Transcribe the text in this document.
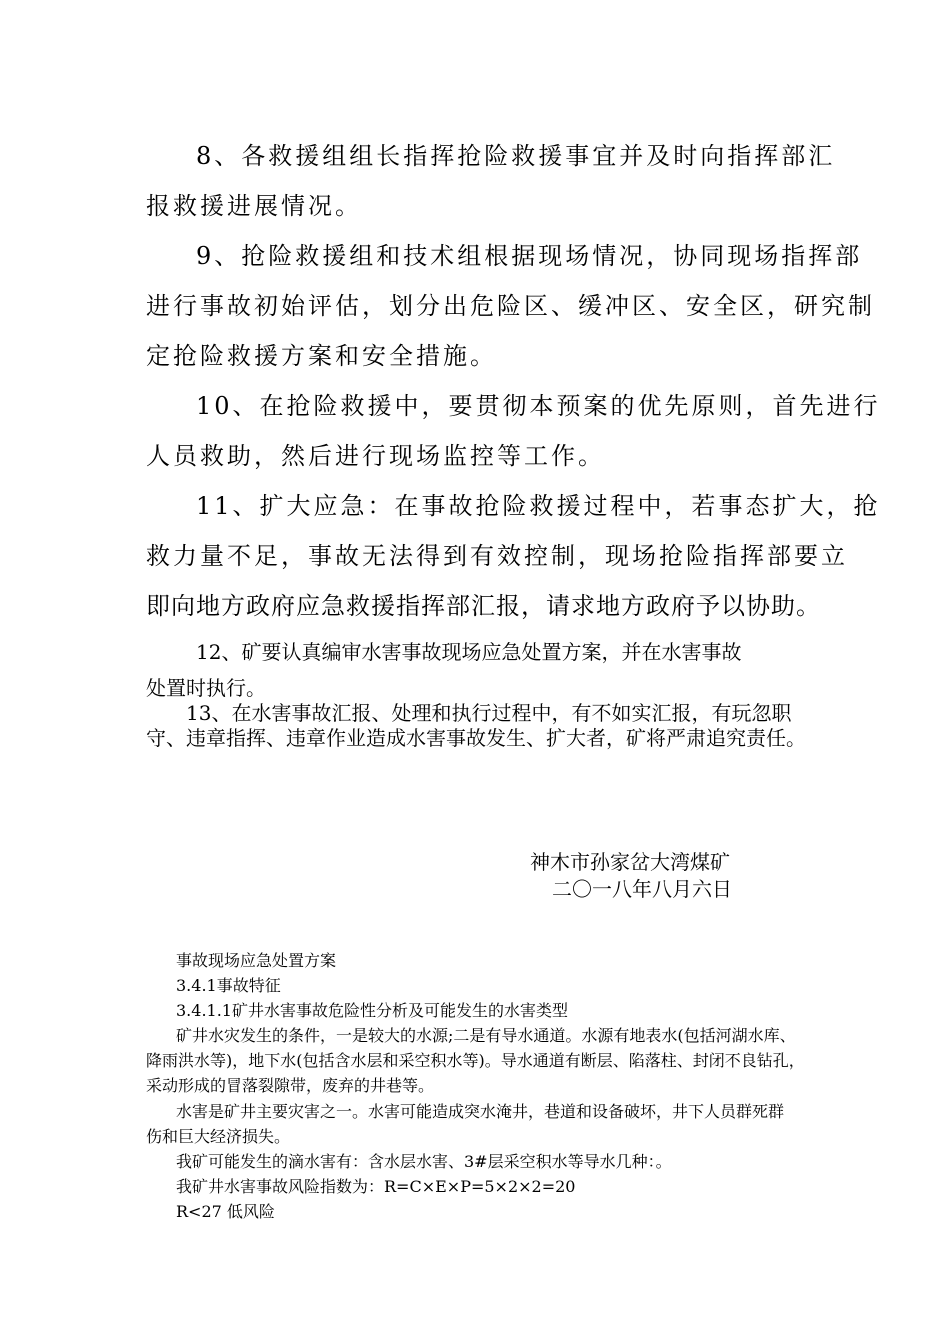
8、各救援组组长指挥抢险救援事宜并及时向指挥部汇

报救援进展情况。

9、抢险救援组和技术组根据现场情况，协同现场指挥部

进行事故初始评估，划分出危险区、缓冲区、安全区，研究制

定抢险救援方案和安全措施。

10、在抢险救援中，要贯彻本预案的优先原则，首先进行

人员救助，然后进行现场监控等工作。

11、扩大应急：在事故抢险救援过程中，若事态扩大，抢

救力量不足，事故无法得到有效控制，现场抢险指挥部要立

即向地方政府应急救援指挥部汇报，请求地方政府予以协助。

12、矿要认真编审水害事故现场应急处置方案，并在水害事故

处置时执行。

13、在水害事故汇报、处理和执行过程中，有不如实汇报，有玩忽职

守、违章指挥、违章作业造成水害事故发生、扩大者，矿将严肃追究责任。

神木市孙家岔大湾煤矿

二〇一八年八月六日

事故现场应急处置方案

3.4.1事故特征

3.4.1.1矿井水害事故危险性分析及可能发生的水害类型

矿井水灾发生的条件，一是较大的水源;二是有导水通道。水源有地表水(包括河湖水库、

降雨洪水等)，地下水(包括含水层和采空积水等)。导水通道有断层、陷落柱、封闭不良钻孔，

采动形成的冒落裂隙带，废弃的井巷等。

水害是矿井主要灾害之一。水害可能造成突水淹井，巷道和设备破坏，井下人员群死群

伤和巨大经济损失。

我矿可能发生的滴水害有：含水层水害、3#层采空积水等导水几种：。

我矿井水害事故风险指数为：R=C×E×P=5×2×2=20

R<27 低风险
